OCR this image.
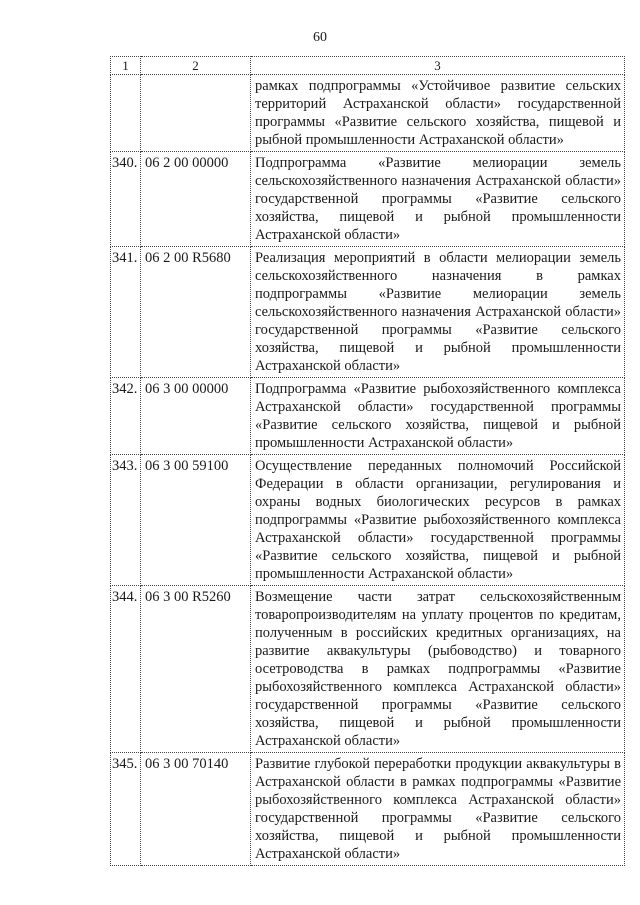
60
1	2	3
		рамках подпрограммы «Устойчивое развитие сельских территорий Астраханской области» государственной программы «Развитие сельского хозяйства, пищевой и рыбной промышленности Астраханской области»
340.	06 2 00 00000	Подпрограмма «Развитие мелиорации земель сельскохозяйственного назначения Астраханской области» государственной программы «Развитие сельского хозяйства, пищевой и рыбной промышленности Астраханской области»
341.	06 2 00 R5680	Реализация мероприятий в области мелиорации земель сельскохозяйственного назначения в рамках подпрограммы «Развитие мелиорации земель сельскохозяйственного назначения Астраханской области» государственной программы «Развитие сельского хозяйства, пищевой и рыбной промышленности Астраханской области»
342.	06 3 00 00000	Подпрограмма «Развитие рыбохозяйственного комплекса Астраханской области» государственной программы «Развитие сельского хозяйства, пищевой и рыбной промышленности Астраханской области»
343.	06 3 00 59100	Осуществление переданных полномочий Российской Федерации в области организации, регулирования и охраны водных биологических ресурсов в рамках подпрограммы «Развитие рыбохозяйственного комплекса Астраханской области» государственной программы «Развитие сельского хозяйства, пищевой и рыбной промышленности Астраханской области»
344.	06 3 00 R5260	Возмещение части затрат сельскохозяйственным товаропроизводителям на уплату процентов по кредитам, полученным в российских кредитных организациях, на развитие аквакультуры (рыбоводство) и товарного осетроводства в рамках подпрограммы «Развитие рыбохозяйственного комплекса Астраханской области» государственной программы «Развитие сельского хозяйства, пищевой и рыбной промышленности Астраханской области»
345.	06 3 00 70140	Развитие глубокой переработки продукции аквакультуры в Астраханской области в рамках подпрограммы «Развитие рыбохозяйственного комплекса Астраханской области» государственной программы «Развитие сельского хозяйства, пищевой и рыбной промышленности Астраханской области»
